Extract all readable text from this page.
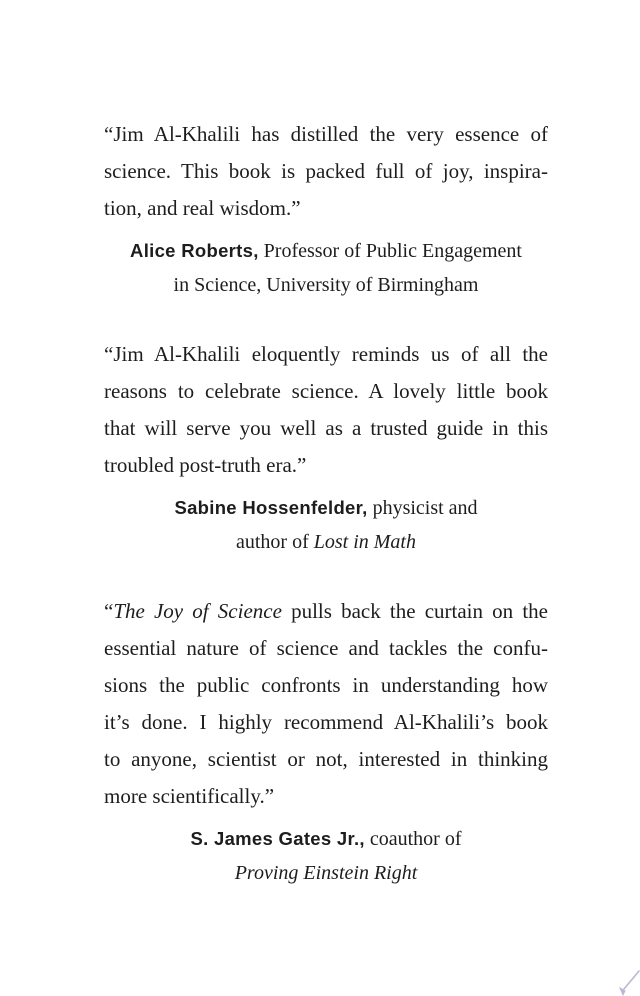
“Jim Al-Khalili has distilled the very essence of
science. This book is packed full of joy, inspira-
tion, and real wisdom.”

Alice Roberts, Professor of Public Engagement
in Science, University of Birmingham

“Jim Al-Khalili eloquently reminds us of all the
reasons to celebrate science. A lovely little book
that will serve you well as a trusted guide in this
troubled post-truth era.”

Sabine Hossenfelder, physicist and
author of Lost in Math

“The Joy of Science pulls back the curtain on the
essential nature of science and tackles the confu-
sions the public confronts in understanding how
it’s done. I highly recommend Al-Khalili’s book
to anyone, scientist or not, interested in thinking
more scientifically.”

S. James Gates Jr., coauthor of
Proving Einstein Right
